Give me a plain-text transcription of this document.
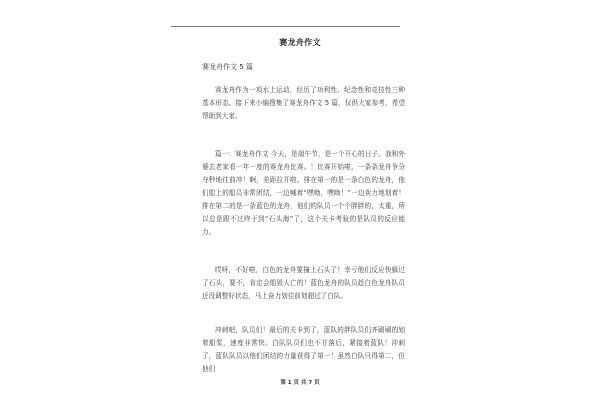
赛龙舟作文
赛龙舟作文 5 篇
赛龙舟作为一项水上运动，经历了功利性、纪念性和竞技性三种基本形态。接下来小编搜集了赛龙舟作文 5 篇，仅供大家参考，希望帮助到大家。
篇一：赛龙舟作文 今天，是端午节，是一个开心的日子。我和外婆去老家看一年一度的赛龙舟比赛。！比赛开始啦，一条条龙舟争分夺秒地往前冲！啊，差距拉开啦。排在第一的是一条白色的龙舟，他们船上的船员非常团结，一边喊着“嘿呦，嘿呦！”一边卖力地划着！排在第二的是一条蓝色的龙舟，他们的队员一个个胖胖的，太重，所以总是跟不过终于到“石头海”了，这个关卡考验的是队员的反应能力。
哎呀，不好啦，白色的龙舟要撞上石头了！幸亏他们反应快躲过了石头，要不，肯定会船毁人亡的！蓝色龙舟的队员趁白色龙舟队员还没调整好状态，马上奋力划往前划超过了白队。
冲刺吧，队员们！最后的关卡到了，蓝队的胖队员们齐刷刷的划着船桨，速度非常快。白队队员们也不甘落后，紧接着蓝队！冲刺了，蓝队队员以他们团结的力量获得了第一！虽然白队只得第二，但他们
第 1 页 共 7 页
